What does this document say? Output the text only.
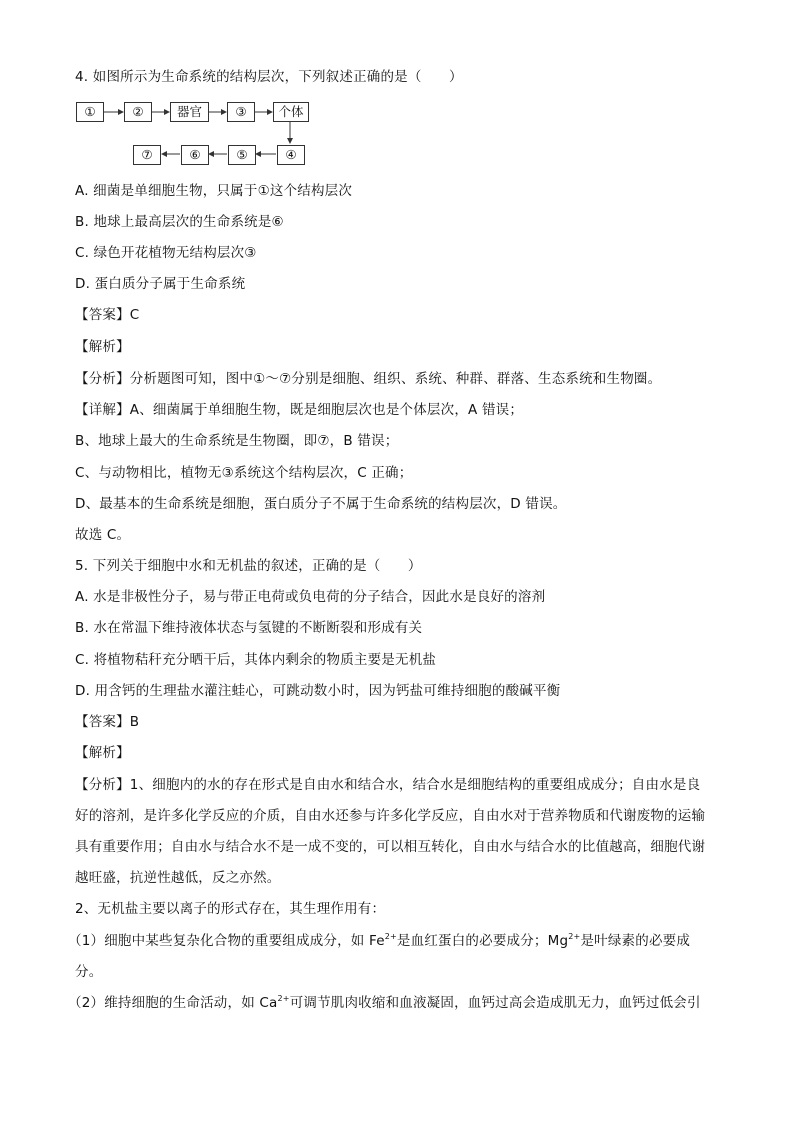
4. 如图所示为生命系统的结构层次，下列叙述正确的是（　　）
①	②	器官	③	个体
⑦	⑥	⑤	④
A. 细菌是单细胞生物，只属于①这个结构层次
B. 地球上最高层次的生命系统是⑥
C. 绿色开花植物无结构层次③
D. 蛋白质分子属于生命系统
【答案】C
【解析】
【分析】分析题图可知，图中①～⑦分别是细胞、组织、系统、种群、群落、生态系统和生物圈。
【详解】A、细菌属于单细胞生物，既是细胞层次也是个体层次，A 错误；
B、地球上最大的生命系统是生物圈，即⑦，B 错误；
C、与动物相比，植物无③系统这个结构层次，C 正确；
D、最基本的生命系统是细胞，蛋白质分子不属于生命系统的结构层次，D 错误。
故选 C。
5. 下列关于细胞中水和无机盐的叙述，正确的是（　　）
A. 水是非极性分子，易与带正电荷或负电荷的分子结合，因此水是良好的溶剂
B. 水在常温下维持液体状态与氢键的不断断裂和形成有关
C. 将植物秸秆充分晒干后，其体内剩余的物质主要是无机盐
D. 用含钙的生理盐水灌注蛙心，可跳动数小时，因为钙盐可维持细胞的酸碱平衡
【答案】B
【解析】
【分析】1、细胞内的水的存在形式是自由水和结合水，结合水是细胞结构的重要组成成分；自由水是良
好的溶剂，是许多化学反应的介质，自由水还参与许多化学反应，自由水对于营养物质和代谢废物的运输
具有重要作用；自由水与结合水不是一成不变的，可以相互转化，自由水与结合水的比值越高，细胞代谢
越旺盛，抗逆性越低，反之亦然。
2、无机盐主要以离子的形式存在，其生理作用有：
（1）细胞中某些复杂化合物的重要组成成分，如 $Fe^{2+}$是血红蛋白的必要成分；$Mg^{2+}$是叶绿素的必要成
分。
（2）维持细胞的生命活动，如 $Ca^{2+}$可调节肌肉收缩和血液凝固，血钙过高会造成肌无力，血钙过低会引
